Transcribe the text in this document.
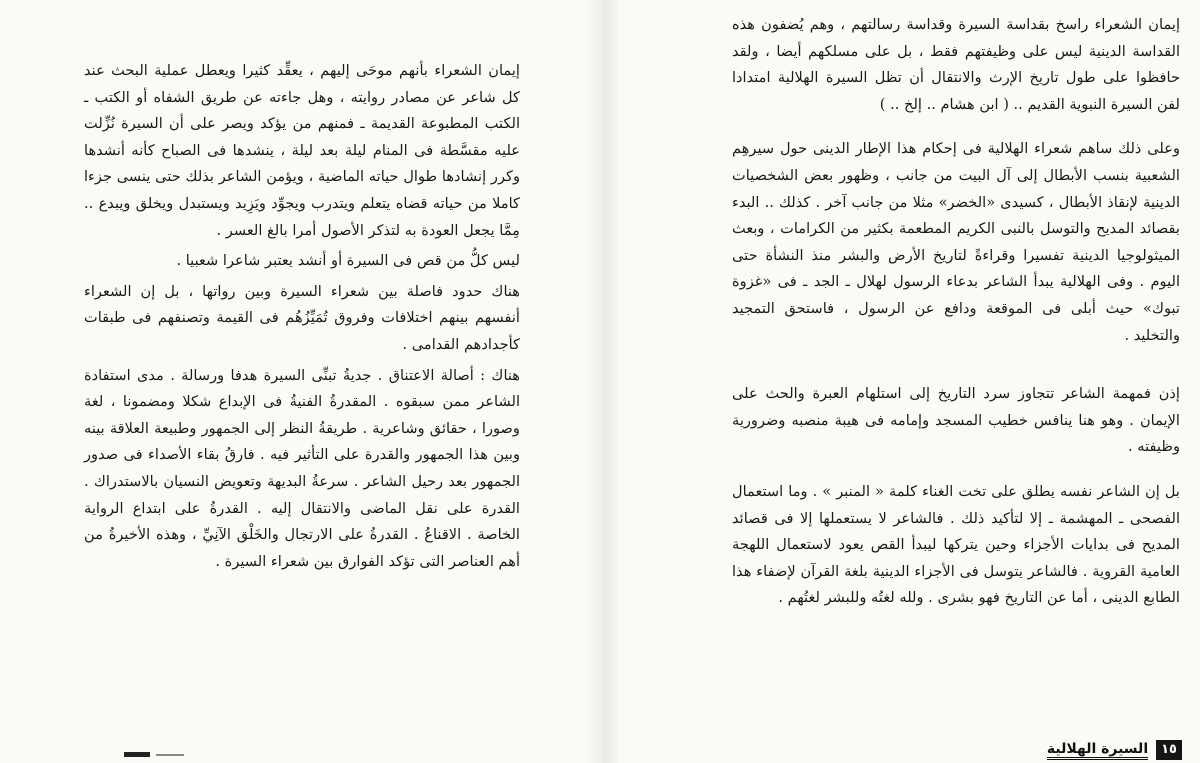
إيمان الشعراء بأنهم موحَى إليهم ، يعقِّد كثيرا ويعطل عملية البحث عند كل شاعر عن مصادر روايته ، وهل جاءته عن طريق الشفاه أو الكتب ـ الكتب المطبوعة القديمة ـ فمنهم من يؤكد ويصر على أن السيرة نُزِّلت عليه مقسَّطة فى المنام ليلة بعد ليلة ، ينشدها فى الصباح كأنه أنشدها وكرر إنشادها طوال حياته الماضية ، ويؤمن الشاعر بذلك حتى ينسى جزءا كاملا من حياته قضاه يتعلم ويتدرب ويجوِّد ويَزِيد ويستبدل ويخلق ويبدع .. مِمَّا يجعل العودة به لتذكر الأصول أمرا بالغ العسر .

ليس كلُّ من قص فى السيرة أو أنشد يعتبر شاعرا شعبيا .

هناك حدود فاصلة بين شعراء السيرة وبين رواتها ، بل إن الشعراء أنفسهم بينهم اختلافات وفروق تُمَيِّزُهُم فى القيمة وتصنفهم فى طبقات كأجدادهم القدامى .

هناك : أصالة الاعتناق . جديةُ تبنِّى السيرة هدفا ورسالة . مدى استفادة الشاعر ممن سبقوه . المقدرةُ الفنيةُ فى الإبداع شكلا ومضمونا ، لغة وصورا ، حقائق وشاعرية . طريقةُ النظر إلى الجمهور وطبيعة العلاقة بينه وبين هذا الجمهور والقدرة على التأثير فيه . فارقُ بقاء الأصداء فى صدور الجمهور بعد رحيل الشاعر . سرعةُ البديهة وتعويض النسيان بالاستدراك . القدرة على نقل الماضى والانتقال إليه . القدرةُ على ابتداع الرواية الخاصة . الاقناعُ . القدرةُ على الارتجال والخَلْق الآنِيِّ ، وهذه الأخيرةُ من أهم العناصر التى تؤكد الفوارق بين شعراء السيرة .

إيمان الشعراء راسخ بقداسة السيرة وقداسة رسالتهم ، وهم يُضفون هذه القداسة الدينية ليس على وظيفتهم فقط ، بل على مسلكهم أيضا ، ولقد حافظوا على طول تاريخ الإرث والانتقال أن تظل السيرة الهلالية امتدادا لفن السيرة النبوية القديم .. ( ابن هشام .. إلخ .. )

وعلى ذلك ساهم شعراء الهلالية فى إحكام هذا الإطار الدينى حول سيرهِم الشعبية بنسب الأبطال إلى آل البيت من جانب ، وظهور بعض الشخصيات الدينية لإنقاذ الأبطال ، كسيدى «الخضر» مثلا من جانب آخر . كذلك .. البدء بقصائد المديح والتوسل بالنبى الكريم المطعمة بكثير من الكرامات ، وبعث الميثولوجيا الدينية تفسيرا وقراءةً لتاريخ الأرض والبشر منذ النشأة حتى اليوم . وفى الهلالية يبدأ الشاعر بدعاء الرسول لهلال ـ الجد ـ فى «غزوة تبوك» حيث أبلى فى الموقعة ودافع عن الرسول ، فاستحق التمجيد والتخليد .

إذن فمهمة الشاعر تتجاوز سرد التاريخ إلى استلهام العبرة والحث على الإيمان . وهو هنا ينافس خطيب المسجد وإمامه فى هيبة منصبه وضرورية وظيفته .

بل إن الشاعر نفسه يطلق على تخت الغناء كلمة « المنبر » . وما استعمال الفصحى ـ المهشمة ـ إلا لتأكيد ذلك . فالشاعر لا يستعملها إلا فى قصائد المديح فى بدايات الأجزاء وحين يتركها ليبدأ القص يعود لاستعمال اللهجة العامية القروية . فالشاعر يتوسل فى الأجزاء الدينية بلغة القرآن لإضفاء هذا الطابع الدينى ، أما عن التاريخ فهو بشرى . ولله لغتُه وللبشر لغتُهم .

١٥
السيرة الهلالية
